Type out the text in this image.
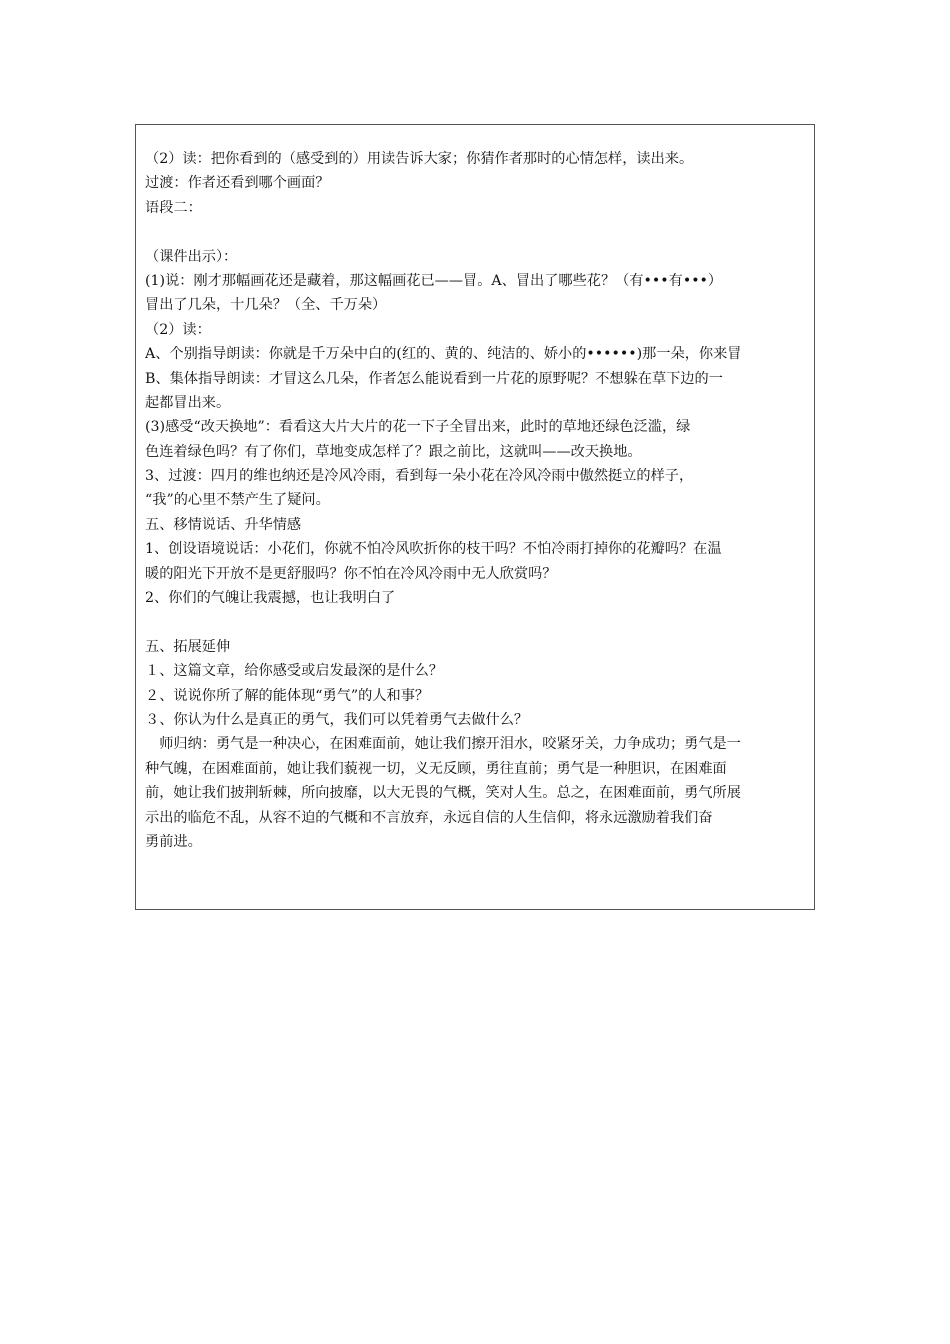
（2）读：把你看到的（感受到的）用读告诉大家；你猜作者那时的心情怎样，读出来。
过渡：作者还看到哪个画面？
语段二：
（课件出示）：
(1)说：刚才那幅画花还是藏着，那这幅画花已——冒。A、冒出了哪些花？（有•••有•••）
冒出了几朵，十几朵？（全、千万朵）
（2）读：
A、个别指导朗读：你就是千万朵中白的(红的、黄的、纯洁的、娇小的••••••)那一朵，你来冒
B、集体指导朗读：才冒这么几朵，作者怎么能说看到一片花的原野呢？不想躲在草下边的一
起都冒出来。
(3)感受“改天换地”：看看这大片大片的花一下子全冒出来，此时的草地还绿色泛滥，绿
色连着绿色吗？有了你们，草地变成怎样了？跟之前比，这就叫——改天换地。
3、过渡：四月的维也纳还是冷风冷雨，看到每一朵小花在冷风冷雨中傲然挺立的样子，
“我”的心里不禁产生了疑问。
五、移情说话、升华情感
1、创设语境说话：小花们，你就不怕冷风吹折你的枝干吗？不怕冷雨打掉你的花瓣吗？在温
暖的阳光下开放不是更舒服吗？你不怕在冷风冷雨中无人欣赏吗？
2、你们的气魄让我震撼，也让我明白了
五、拓展延伸
１、这篇文章，给你感受或启发最深的是什么？
２、说说你所了解的能体现“勇气”的人和事？
３、你认为什么是真正的勇气，我们可以凭着勇气去做什么？
　师归纳：勇气是一种决心，在困难面前，她让我们擦开泪水，咬紧牙关，力争成功；勇气是一
种气魄，在困难面前，她让我们藐视一切，义无反顾，勇往直前；勇气是一种胆识，在困难面
前，她让我们披荆斩棘，所向披靡，以大无畏的气概，笑对人生。总之，在困难面前，勇气所展
示出的临危不乱，从容不迫的气概和不言放弃，永远自信的人生信仰，将永远激励着我们奋
勇前进。
